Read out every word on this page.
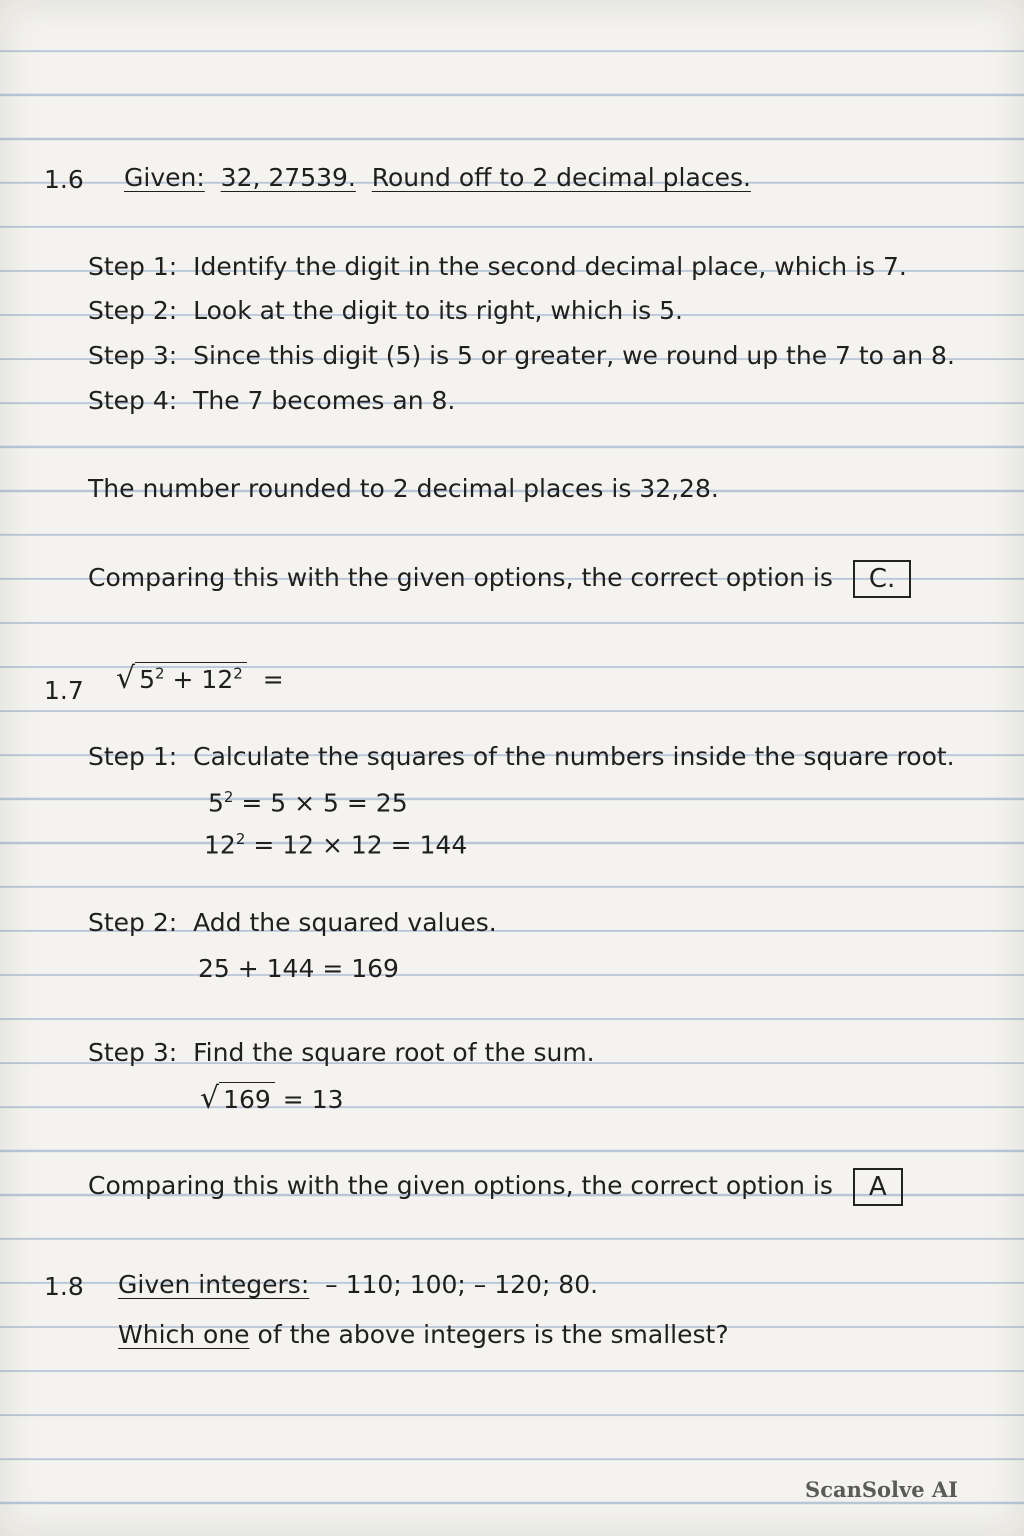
1.6 Given: 32, 27539. Round off to 2 decimal places.
Step 1: Identify the digit in the second decimal place, which is 7.
Step 2: Look at the digit to its right, which is 5.
Step 3: Since this digit (5) is 5 or greater, we round up the 7 to an 8.
Step 4: The 7 becomes an 8.
The number rounded to 2 decimal places is 32,28.
Comparing this with the given options, the correct option is C.
1.7 √ $5^2 + 12^2$ =
Step 1: Calculate the squares of the numbers inside the square root.
$5^2 = 5 \times 5 = 25$
$12^2 = 12 \times 12 = 144$
Step 2: Add the squared values.
25 + 144 = 169
Step 3: Find the square root of the sum.
√ 169 = 13
Comparing this with the given options, the correct option is A
1.8 Given integers: – 110; 100; – 120; 80.
Which one of the above integers is the smallest?
ScanSolve AI
